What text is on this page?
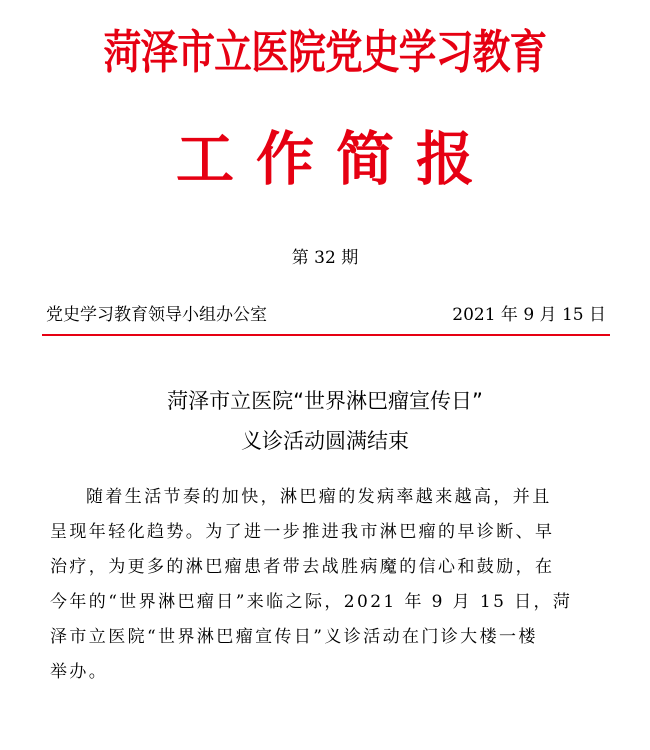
菏泽市立医院党史学习教育
工 作 简 报
第 32 期
党史学习教育领导小组办公室	2021 年 9 月 15 日
菏泽市立医院“世界淋巴瘤宣传日”
义诊活动圆满结束
随着生活节奏的加快，淋巴瘤的发病率越来越高，并且
呈现年轻化趋势。为了进一步推进我市淋巴瘤的早诊断、早
治疗，为更多的淋巴瘤患者带去战胜病魔的信心和鼓励，在
今年的“世界淋巴瘤日”来临之际，2021 年 9 月 15 日，菏
泽市立医院“世界淋巴瘤宣传日”义诊活动在门诊大楼一楼
举办。
